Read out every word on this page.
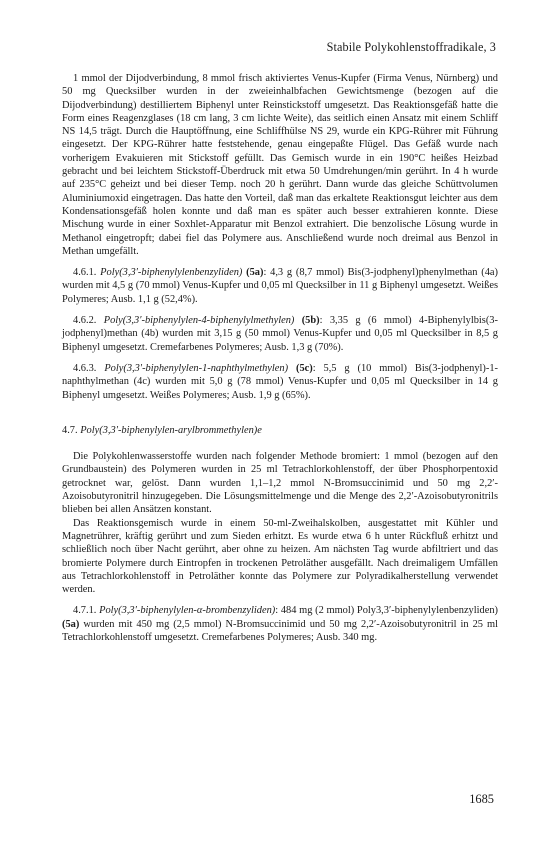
Stabile Polykohlenstoffradikale, 3

1 mmol der Dijodverbindung, 8 mmol frisch aktiviertes Venus-Kupfer (Firma Venus, Nürnberg) und 50 mg Quecksilber wurden in der zweieinhalbfachen Gewichtsmenge (bezogen auf die Dijodverbindung) destilliertem Biphenyl unter Reinstickstoff umgesetzt. Das Reaktionsgefäß hatte die Form eines Reagenzglases (18 cm lang, 3 cm lichte Weite), das seitlich einen Ansatz mit einem Schliff NS 14,5 trägt. Durch die Hauptöffnung, eine Schliffhülse NS 29, wurde ein KPG-Rührer mit Führung eingesetzt. Der KPG-Rührer hatte feststehende, genau eingepaßte Flügel. Das Gefäß wurde nach vorherigem Evakuieren mit Stickstoff gefüllt. Das Gemisch wurde in ein 190°C heißes Heizbad gebracht und bei leichtem Stickstoff-Überdruck mit etwa 50 Umdrehungen/min gerührt. In 4 h wurde auf 235°C geheizt und bei dieser Temp. noch 20 h gerührt. Dann wurde das gleiche Schüttvolumen Aluminiumoxid eingetragen. Das hatte den Vorteil, daß man das erkaltete Reaktionsgut leichter aus dem Kondensationsgefäß holen konnte und daß man es später auch besser extrahieren konnte. Diese Mischung wurde in einer Soxhlet-Apparatur mit Benzol extrahiert. Die benzolische Lösung wurde in Methanol eingetropft; dabei fiel das Polymere aus. Anschließend wurde noch dreimal aus Benzol in Methan umgefällt.

4.6.1. Poly(3,3′-biphenylylenbenzyliden) (5a): 4,3 g (8,7 mmol) Bis(3-jodphenyl)phenylmethan (4a) wurden mit 4,5 g (70 mmol) Venus-Kupfer und 0,05 ml Quecksilber in 11 g Biphenyl umgesetzt. Weißes Polymeres; Ausb. 1,1 g (52,4%).

4.6.2. Poly(3,3′-biphenylylen-4-biphenylylmethylen) (5b): 3,35 g (6 mmol) 4-Biphenylylbis(3-jodphenyl)methan (4b) wurden mit 3,15 g (50 mmol) Venus-Kupfer und 0,05 ml Quecksilber in 8,5 g Biphenyl umgesetzt. Cremefarbenes Polymeres; Ausb. 1,3 g (70%).

4.6.3. Poly(3,3′-biphenylylen-1-naphthylmethylen) (5c): 5,5 g (10 mmol) Bis(3-jodphenyl)-1-naphthylmethan (4c) wurden mit 5,0 g (78 mmol) Venus-Kupfer und 0,05 ml Quecksilber in 14 g Biphenyl umgesetzt. Weißes Polymeres; Ausb. 1,9 g (65%).

4.7. Poly(3,3′-biphenylylen-arylbrommethylen)e

Die Polykohlenwasserstoffe wurden nach folgender Methode bromiert: 1 mmol (bezogen auf den Grundbaustein) des Polymeren wurden in 25 ml Tetrachlorkohlenstoff, der über Phosphorpentoxid getrocknet war, gelöst. Dann wurden 1,1–1,2 mmol N-Bromsuccinimid und 50 mg 2,2′-Azoisobutyronitril hinzugegeben. Die Lösungsmittelmenge und die Menge des 2,2′-Azoisobutyronitrils blieben bei allen Ansätzen konstant.

Das Reaktionsgemisch wurde in einem 50-ml-Zweihalskolben, ausgestattet mit Kühler und Magnetrührer, kräftig gerührt und zum Sieden erhitzt. Es wurde etwa 6 h unter Rückfluß erhitzt und schließlich noch über Nacht gerührt, aber ohne zu heizen. Am nächsten Tag wurde abfiltriert und das bromierte Polymere durch Eintropfen in trockenen Petroläther ausgefällt. Nach dreimaligem Umfällen aus Tetrachlorkohlenstoff in Petroläther konnte das Polymere zur Polyradikalherstellung verwendet werden.

4.7.1. Poly(3,3′-biphenylylen-α-brombenzyliden): 484 mg (2 mmol) Poly3,3′-biphenylylenbenzyliden) (5a) wurden mit 450 mg (2,5 mmol) N-Bromsuccinimid und 50 mg 2,2′-Azoisobutyronitril in 25 ml Tetrachlorkohlenstoff umgesetzt. Cremefarbenes Polymeres; Ausb. 340 mg.

1685
